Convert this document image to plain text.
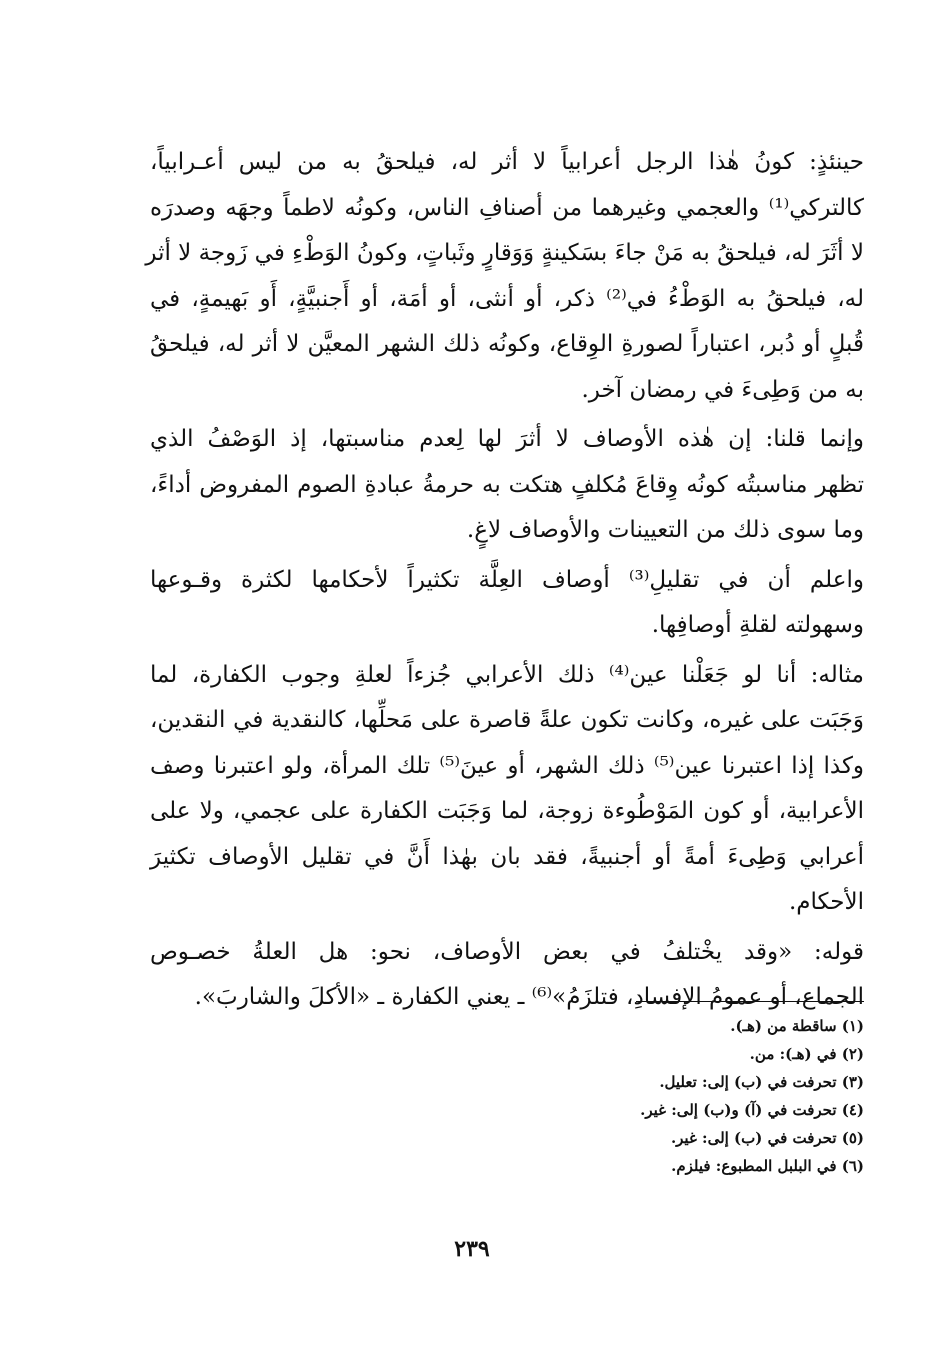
حينئذٍ: كونُ هٰذا الرجل أعرابياً لا أثر له، فيلحقُ به من ليس أعـرابياً،
كالتركي⁽¹⁾ والعجمي وغيرهما من أصنافِ الناس، وكونُه لاطماً وجهَه وصدرَه
لا أثَرَ له، فيلحقُ به مَنْ جاءَ بسَكينةٍ وَوَقارٍ وثَباتٍ، وكونُ الوَطْءِ في زَوجة لا أثر
له، فيلحقُ به الوَطْءُ في⁽²⁾ ذكر، أو أنثى، أو أمَة، أو أَجنبيَّةٍ، أَو بَهيمةٍ، في
قُبلٍ أو دُبر، اعتباراً لصورةِ الوِقاع، وكونُه ذلك الشهر المعيَّن لا أثر له، فيلحقُ
به من وَطِىءَ في رمضان آخر.
وإنما قلنا: إن هٰذه الأوصاف لا أثرَ لها لِعدم مناسبتها، إذ الوَصْفُ الذي
تظهر مناسبتُه كونُه وِقاعَ مُكلفٍ هتكت به حرمةُ عبادةِ الصوم المفروض أداءً،
وما سوى ذلك من التعيينات والأوصاف لاغٍ.
واعلم أن في تقليلِ⁽³⁾ أوصاف العِلَّة تكثيراً لأحكامها لكثرة وقـوعها
وسهولته لقلةِ أوصافِها.
مثاله: أنا لو جَعَلْنا عين⁽⁴⁾ ذلك الأعرابي جُزءاً لعلةِ وجوب الكفارة، لما
وَجَبَت على غيره، وكانت تكون علةً قاصرة على مَحلِّها، كالنقدية في النقدين،
وكذا إذا اعتبرنا عين⁽⁵⁾ ذلك الشهر، أو عينَ⁽⁵⁾ تلك المرأة، ولو اعتبرنا وصف
الأعرابية، أو كون المَوْطُوءة زوجة، لما وَجَبَت الكفارة على عجمي، ولا على
أعرابي وَطِىءَ أمةً أو أجنبيةً، فقد بان بهٰذا أَنَّ في تقليل الأوصاف تكثيرَ
الأحكام.
قوله: «وقد يخْتلفُ في بعض الأوصاف، نحو: هل العلةُ خصـوص
الجماع، أو عمومُ الإفسادِ، فتلزَمُ»⁽⁶⁾ ـ يعني الكفارة ـ «الأكلَ والشاربَ».
(١) ساقطة من (هـ).
(٢) في (هـ): من.
(٣) تحرفت في (ب) إلى: تعليل.
(٤) تحرفت في (آ) و(ب) إلى: غير.
(٥) تحرفت في (ب) إلى: غير.
(٦) في البلبل المطبوع: فيلزم.
٢٣٩
